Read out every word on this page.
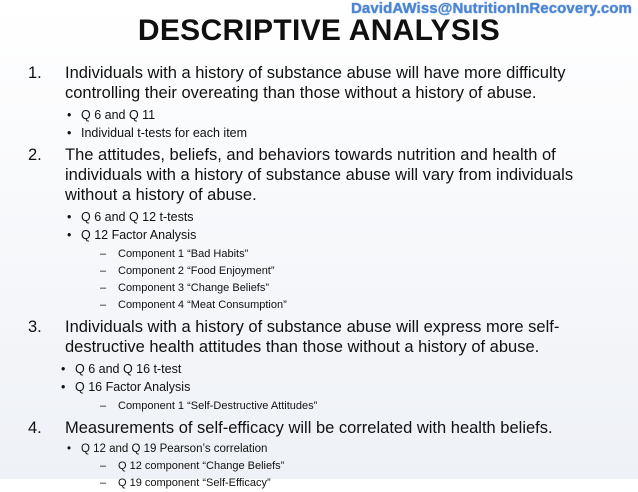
DavidAWiss@NutritionInRecovery.com
DESCRIPTIVE ANALYSIS
1.	Individuals with a history of substance abuse will have more difficulty controlling their overeating than those without a history of abuse.
• Q 6 and Q 11
• Individual t-tests for each item
2.	The attitudes, beliefs, and behaviors towards nutrition and health of individuals with a history of substance abuse will vary from individuals without a history of abuse.
• Q 6 and Q 12 t-tests
• Q 12 Factor Analysis
–	Component 1 “Bad Habits”
–	Component 2 “Food Enjoyment”
–	Component 3 “Change Beliefs”
–	Component 4 “Meat Consumption”
3.	Individuals with a history of substance abuse will express more self-destructive health attitudes than those without a history of abuse.
• Q 6 and Q 16 t-test
• Q 16 Factor Analysis
–	Component 1 “Self-Destructive Attitudes”
4.	Measurements of self-efficacy will be correlated with health beliefs.
• Q 12 and Q 19 Pearson’s correlation
–	Q 12 component “Change Beliefs”
–	Q 19 component “Self-Efficacy”
